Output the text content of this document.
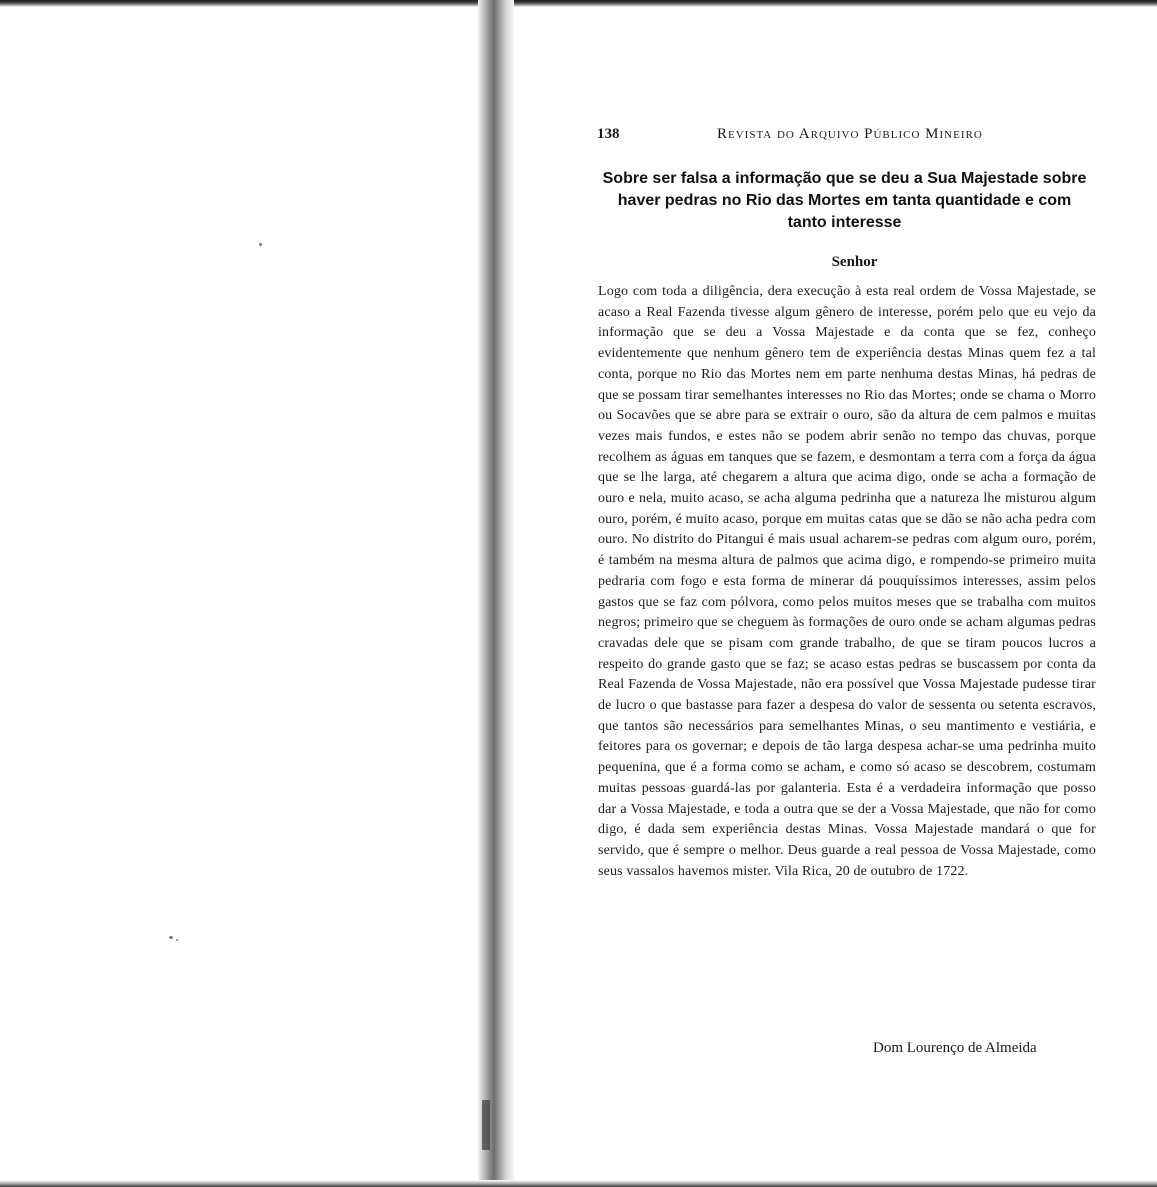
138	Revista do Arquivo Público Mineiro
Sobre ser falsa a informação que se deu a Sua Majestade sobre haver pedras no Rio das Mortes em tanta quantidade e com tanto interesse
Senhor

Logo com toda a diligência, dera execução à esta real ordem de Vossa Majestade, se acaso a Real Fazenda tivesse algum gênero de interesse, porém pelo que eu vejo da informação que se deu a Vossa Majestade e da conta que se fez, conheço evidentemente que nenhum gênero tem de experiência destas Minas quem fez a tal conta, porque no Rio das Mortes nem em parte nenhuma destas Minas, há pedras de que se possam tirar semelhantes interesses no Rio das Mortes; onde se chama o Morro ou Socavões que se abre para se extrair o ouro, são da altura de cem palmos e muitas vezes mais fundos, e estes não se podem abrir senão no tempo das chuvas, porque recolhem as águas em tanques que se fazem, e desmontam a terra com a força da água que se lhe larga, até chegarem a altura que acima digo, onde se acha a formação de ouro e nela, muito acaso, se acha alguma pedrinha que a natureza lhe misturou algum ouro, porém, é muito acaso, porque em muitas catas que se dão se não acha pedra com ouro. No distrito do Pitangui é mais usual acharem-se pedras com algum ouro, porém, é também na mesma altura de palmos que acima digo, e rompendo-se primeiro muita pedraria com fogo e esta forma de minerar dá pouquíssimos interesses, assim pelos gastos que se faz com pólvora, como pelos muitos meses que se trabalha com muitos negros; primeiro que se cheguem às formações de ouro onde se acham algumas pedras cravadas dele que se pisam com grande trabalho, de que se tiram poucos lucros a respeito do grande gasto que se faz; se acaso estas pedras se buscassem por conta da Real Fazenda de Vossa Majestade, não era possível que Vossa Majestade pudesse tirar de lucro o que bastasse para fazer a despesa do valor de sessenta ou setenta escravos, que tantos são necessários para semelhantes Minas, o seu mantimento e vestiária, e feitores para os governar; e depois de tão larga despesa achar-se uma pedrinha muito pequenina, que é a forma como se acham, e como só acaso se descobrem, costumam muitas pessoas guardá-las por galanteria. Esta é a verdadeira informação que posso dar a Vossa Majestade, e toda a outra que se der a Vossa Majestade, que não for como digo, é dada sem experiência destas Minas. Vossa Majestade mandará o que for servido, que é sempre o melhor. Deus guarde a real pessoa de Vossa Majestade, como seus vassalos havemos mister. Vila Rica, 20 de outubro de 1722.

Dom Lourenço de Almeida
